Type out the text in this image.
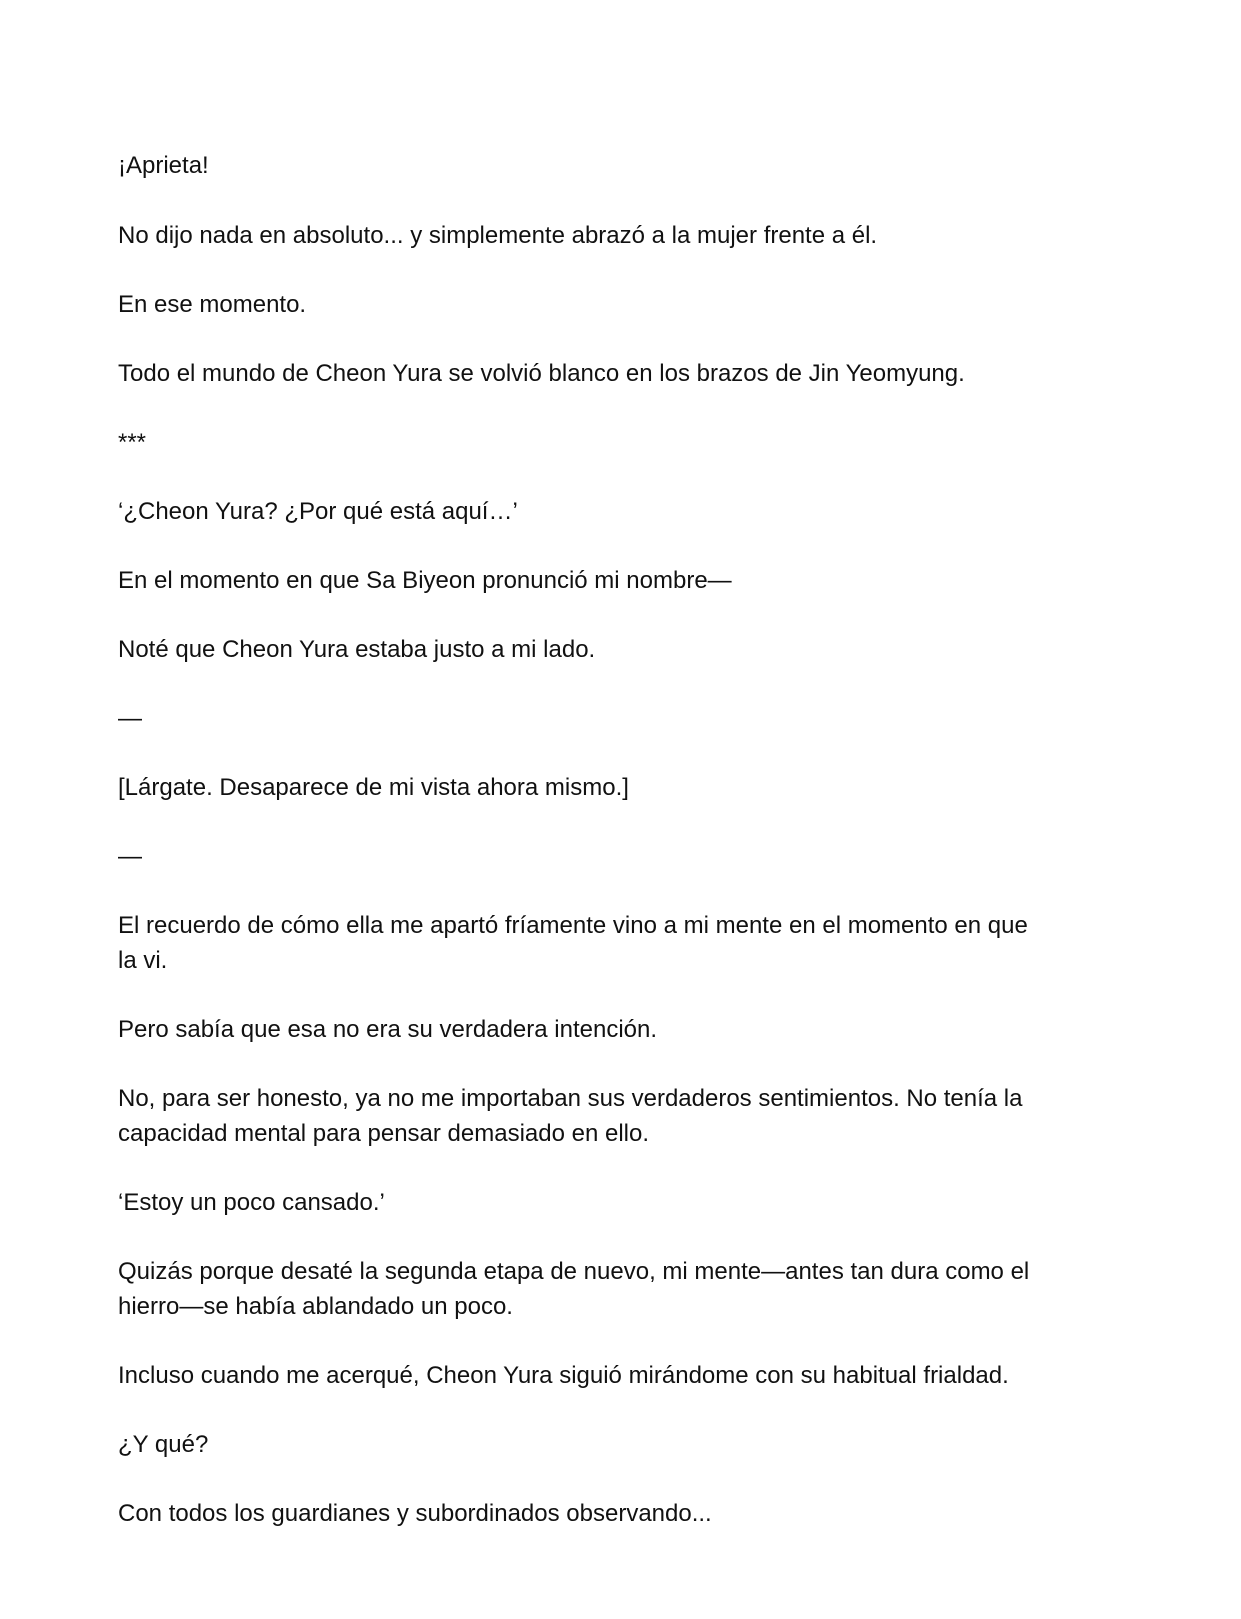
¡Aprieta!

No dijo nada en absoluto... y simplemente abrazó a la mujer frente a él.

En ese momento.

Todo el mundo de Cheon Yura se volvió blanco en los brazos de Jin Yeomyung.

***

‘¿Cheon Yura? ¿Por qué está aquí…’

En el momento en que Sa Biyeon pronunció mi nombre—

Noté que Cheon Yura estaba justo a mi lado.

—

[Lárgate. Desaparece de mi vista ahora mismo.]

—

El recuerdo de cómo ella me apartó fríamente vino a mi mente en el momento en que

la vi.

Pero sabía que esa no era su verdadera intención.

No, para ser honesto, ya no me importaban sus verdaderos sentimientos. No tenía la

capacidad mental para pensar demasiado en ello.

‘Estoy un poco cansado.’

Quizás porque desaté la segunda etapa de nuevo, mi mente—antes tan dura como el

hierro—se había ablandado un poco.

Incluso cuando me acerqué, Cheon Yura siguió mirándome con su habitual frialdad.

¿Y qué?

Con todos los guardianes y subordinados observando...
